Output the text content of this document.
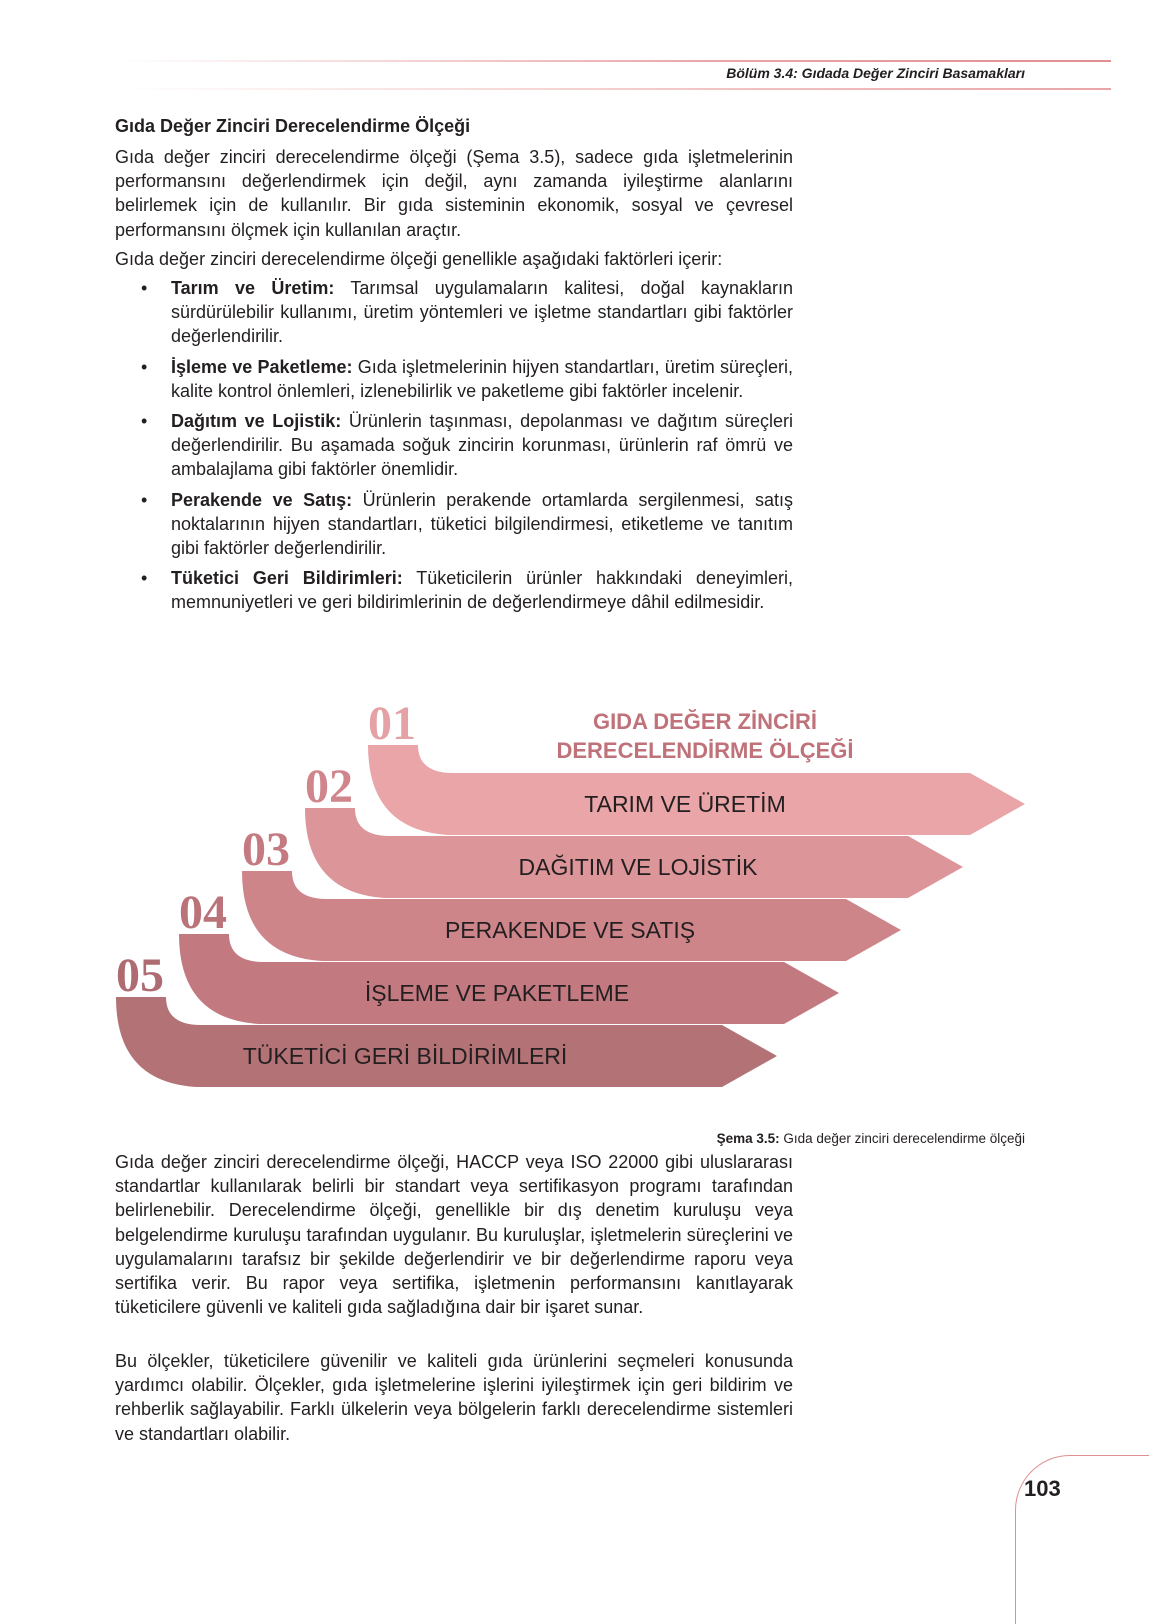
Bölüm 3.4: Gıdada Değer Zinciri Basamakları
Gıda Değer Zinciri Derecelendirme Ölçeği
Gıda değer zinciri derecelendirme ölçeği (Şema 3.5), sadece gıda işletmelerinin performansını değerlendirmek için değil, aynı zamanda iyileştirme alanlarını belirlemek için de kullanılır. Bir gıda sisteminin ekonomik, sosyal ve çevresel performansını ölçmek için kullanılan araçtır.
Gıda değer zinciri derecelendirme ölçeği genellikle aşağıdaki faktörleri içerir:
• Tarım ve Üretim: Tarımsal uygulamaların kalitesi, doğal kaynakların sürdürülebilir kullanımı, üretim yöntemleri ve işletme standartları gibi faktörler değerlendirilir.
• İşleme ve Paketleme: Gıda işletmelerinin hijyen standartları, üretim süreçleri, kalite kontrol önlemleri, izlenebilirlik ve paketleme gibi faktörler incelenir.
• Dağıtım ve Lojistik: Ürünlerin taşınması, depolanması ve dağıtım süreçleri değerlendirilir. Bu aşamada soğuk zincirin korunması, ürünlerin raf ömrü ve ambalajlama gibi faktörler önemlidir.
• Perakende ve Satış: Ürünlerin perakende ortamlarda sergilenmesi, satış noktalarının hijyen standartları, tüketici bilgilendirmesi, etiketleme ve tanıtım gibi faktörler değerlendirilir.
• Tüketici Geri Bildirimleri: Tüketicilerin ürünler hakkındaki deneyimleri, memnuniyetleri ve geri bildirimlerinin de değerlendirmeye dâhil edilmesidir.
01
TARIM VE ÜRETİM
02
DAĞITIM VE LOJİSTİK
03
PERAKENDE VE SATIŞ
04
İŞLEME VE PAKETLEME
05
TÜKETİCİ GERİ BİLDİRİMLERİ
GIDA DEĞER ZİNCİRİ
DERECELENDİRME ÖLÇEĞİ
Gıda değer zinciri derecelendirme ölçeği, HACCP veya ISO 22000 gibi uluslararası standartlar kullanılarak belirli bir standart veya sertifikasyon programı tarafından belirlenebilir. Derecelendirme ölçeği, genellikle bir dış denetim kuruluşu veya belgelendirme kuruluşu tarafından uygulanır. Bu kuruluşlar, işletmelerin süreçlerini ve uygulamalarını tarafsız bir şekilde değerlendirir ve bir değerlendirme raporu veya sertifika verir. Bu rapor veya sertifika, işletmenin performansını kanıtlayarak tüketicilere güvenli ve kaliteli gıda sağladığına dair bir işaret sunar.
Bu ölçekler, tüketicilere güvenilir ve kaliteli gıda ürünlerini seçmeleri konusunda yardımcı olabilir. Ölçekler, gıda işletmelerine işlerini iyileştirmek için geri bildirim ve rehberlik sağlayabilir. Farklı ülkelerin veya bölgelerin farklı derecelendirme sistemleri ve standartları olabilir.
Şema 3.5: Gıda değer zinciri derecelendirme ölçeği
103
